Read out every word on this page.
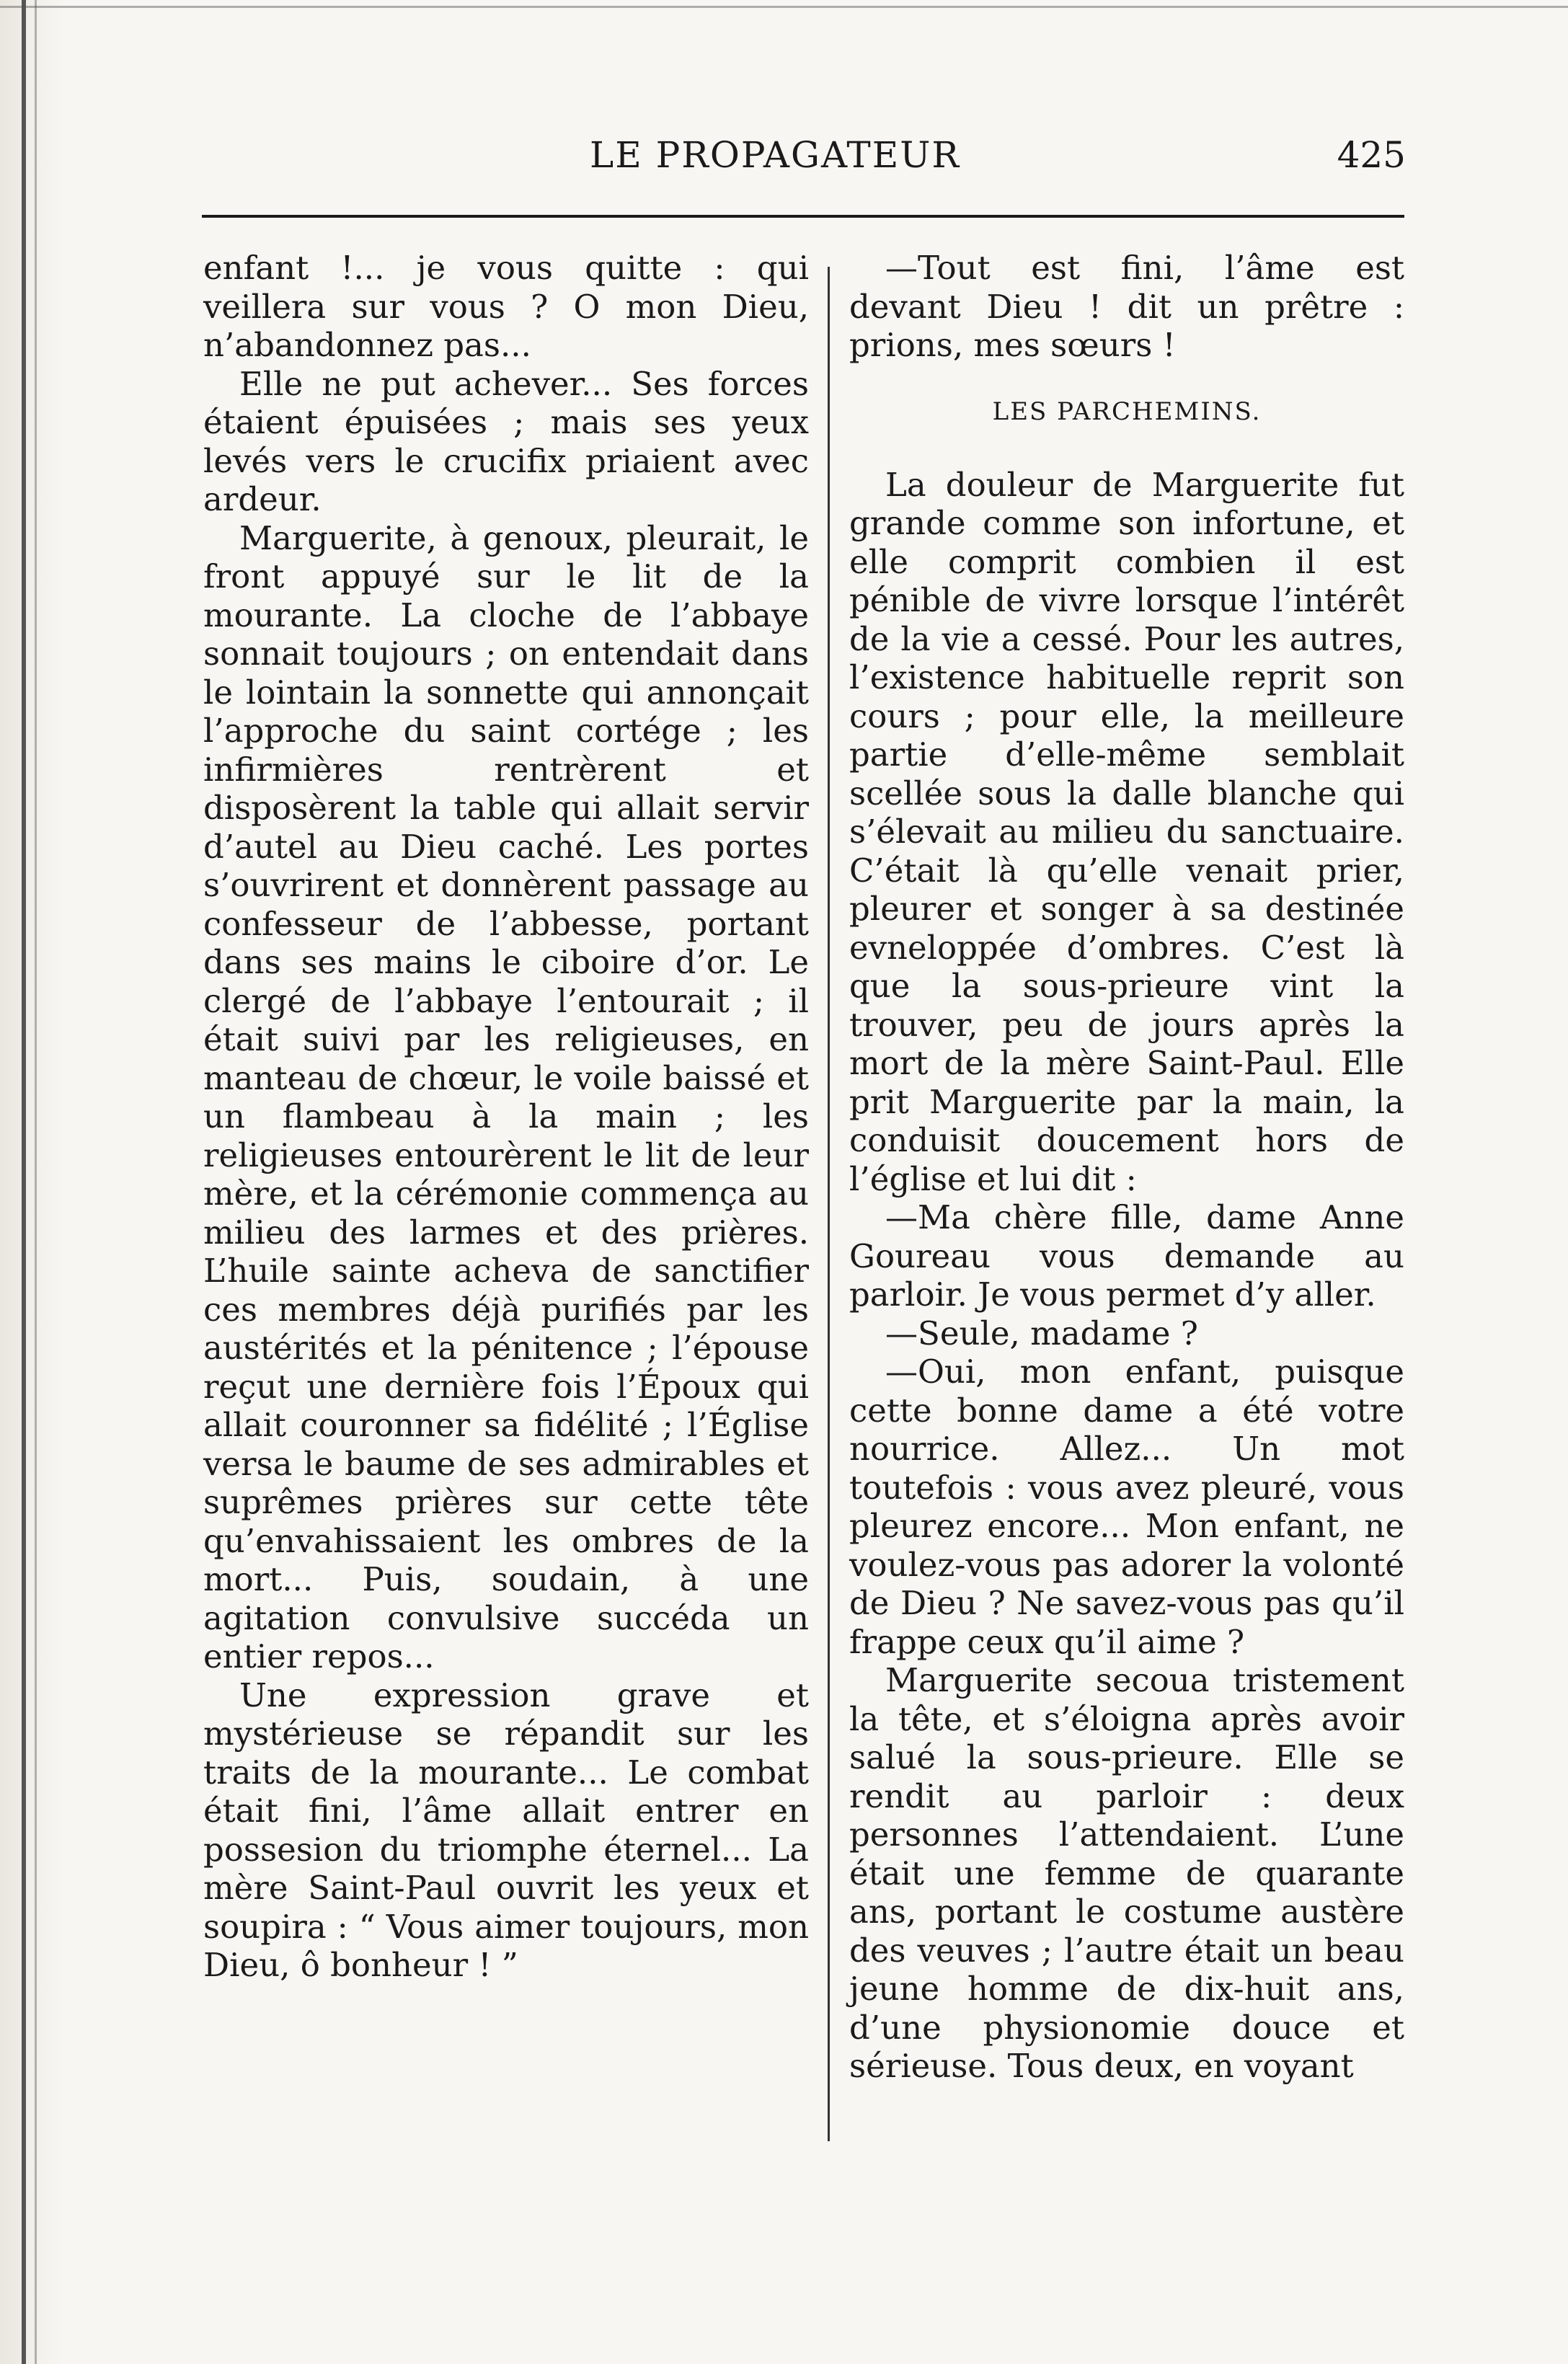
LE PROPAGATEUR	425

enfant !... je vous quitte : qui veillera sur vous ? O mon Dieu, n’abandonnez pas...

Elle ne put achever... Ses forces étaient épuisées ; mais ses yeux levés vers le crucifix priaient avec ardeur.

Marguerite, à genoux, pleurait, le front appuyé sur le lit de la mourante. La cloche de l’abbaye sonnait toujours ; on entendait dans le lointain la sonnette qui annonçait l’approche du saint cortége ; les infirmières rentrèrent et disposèrent la table qui allait servir d’autel au Dieu caché. Les portes s’ouvrirent et donnèrent passage au confesseur de l’abbesse, portant dans ses mains le ciboire d’or. Le clergé de l’abbaye l’entourait ; il était suivi par les religieuses, en manteau de chœur, le voile baissé et un flambeau à la main ; les religieuses entourèrent le lit de leur mère, et la cérémonie commença au milieu des larmes et des prières. L’huile sainte acheva de sanctifier ces membres déjà purifiés par les austérités et la pénitence ; l’épouse reçut une dernière fois l’Époux qui allait couronner sa fidélité ; l’Église versa le baume de ses admirables et suprêmes prières sur cette tête qu’envahissaient les ombres de la mort... Puis, soudain, à une agitation convulsive succéda un entier repos...

Une expression grave et mystérieuse se répandit sur les traits de la mourante... Le combat était fini, l’âme allait entrer en possesion du triomphe éternel... La mère Saint-Paul ouvrit les yeux et soupira : “ Vous aimer toujours, mon Dieu, ô bonheur ! ”

—Tout est fini, l’âme est devant Dieu ! dit un prêtre : prions, mes sœurs !

LES PARCHEMINS.

La douleur de Marguerite fut grande comme son infortune, et elle comprit combien il est pénible de vivre lorsque l’intérêt de la vie a cessé. Pour les autres, l’existence habituelle reprit son cours ; pour elle, la meilleure partie d’elle-même semblait scellée sous la dalle blanche qui s’élevait au milieu du sanctuaire. C’était là qu’elle venait prier, pleurer et songer à sa destinée evneloppée d’ombres. C’est là que la sous-prieure vint la trouver, peu de jours après la mort de la mère Saint-Paul. Elle prit Marguerite par la main, la conduisit doucement hors de l’église et lui dit :

—Ma chère fille, dame Anne Goureau vous demande au parloir. Je vous permet d’y aller.

—Seule, madame ?

—Oui, mon enfant, puisque cette bonne dame a été votre nourrice. Allez... Un mot toutefois : vous avez pleuré, vous pleurez encore... Mon enfant, ne voulez-vous pas adorer la volonté de Dieu ? Ne savez-vous pas qu’il frappe ceux qu’il aime ?

Marguerite secoua tristement la tête, et s’éloigna après avoir salué la sous-prieure. Elle se rendit au parloir : deux personnes l’attendaient. L’une était une femme de quarante ans, portant le costume austère des veuves ; l’autre était un beau jeune homme de dix-huit ans, d’une physionomie douce et sérieuse. Tous deux, en voyant
